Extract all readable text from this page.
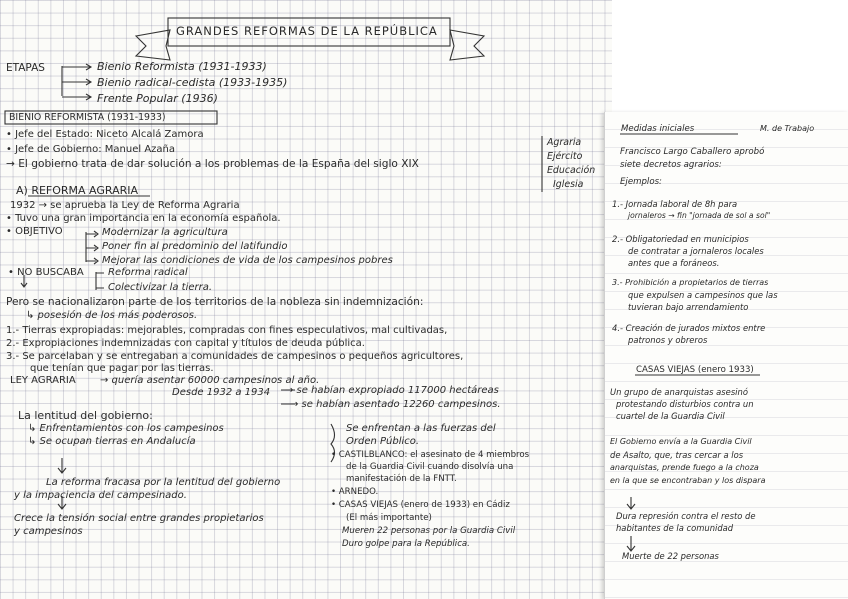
GRANDES REFORMAS DE LA REPÚBLICA
ETAPAS	Bienio Reformista (1931-1933)
Bienio radical-cedista (1933-1935)
Frente Popular (1936)
BIENIO REFORMISTA (1931-1933)
• Jefe del Estado: Niceto Alcalá Zamora
• Jefe de Gobierno: Manuel Azaña
→ El gobierno trata de dar solución a los problemas de la España del siglo XIX
Agraria
Ejército
Educación
Iglesia
A) REFORMA AGRARIA
1932 → se aprueba la Ley de Reforma Agraria
• Tuvo una gran importancia en la economía española.
• OBJETIVO	Modernizar la agricultura
Poner fin al predominio del latifundio
Mejorar las condiciones de vida de los campesinos pobres
• NO BUSCABA Reforma radical
Colectivizar la tierra.
Pero se nacionalizaron parte de los territorios de la nobleza sin indemnización:
↳ posesión de los más poderosos.
1.- Tierras expropiadas: mejorables, compradas con fines especulativos, mal cultivadas,
2.- Expropiaciones indemnizadas con capital y títulos de deuda pública.
3.- Se parcelaban y se entregaban a comunidades de campesinos o pequeños agricultores,
que tenían que pagar por las tierras.
LEY AGRARIA → quería asentar 60000 campesinos al año.
Desde 1932 a 1934 → se habían expropiado 117000 hectáreas
→ se habían asentado 12260 campesinos.
La lentitud del gobierno:
↳ Enfrentamientos con los campesinos
↳ Se ocupan tierras en Andalucía
La reforma fracasa por la lentitud del gobierno
y la impaciencia del campesinado.
Crece la tensión social entre grandes propietarios
y campesinos
Se enfrentan a las fuerzas del
Orden Público.
• CASTILBLANCO: el asesinato de 4 miembros
de la Guardia Civil cuando disolvía una
manifestación de la FNTT.
• ARNEDO.
• CASAS VIEJAS (enero de 1933) en Cádiz
(El más importante)
Mueren 22 personas por la Guardia Civil
Duro golpe para la República.
Medidas iniciales	M. de Trabajo
Francisco Largo Caballero aprobó
siete decretos agrarios:
Ejemplos:
1.- Jornada laboral de 8h para
jornaleros → fin "jornada de sol a sol"
2.- Obligatoriedad en municipios
de contratar a jornaleros locales
antes que a foráneos.
3.- Prohibición a propietarios de tierras
que expulsen a campesinos que las
tuvieran bajo arrendamiento
4.- Creación de jurados mixtos entre
patronos y obreros
CASAS VIEJAS (enero 1933)
Un grupo de anarquistas asesinó
protestando disturbios contra un
cuartel de la Guardia Civil
El Gobierno envía a la Guardia Civil
de Asalto, que, tras cercar a los
anarquistas, prende fuego a la choza
en la que se encontraban y los dispara
Dura represión contra el resto de
habitantes de la comunidad
Muerte de 22 personas
